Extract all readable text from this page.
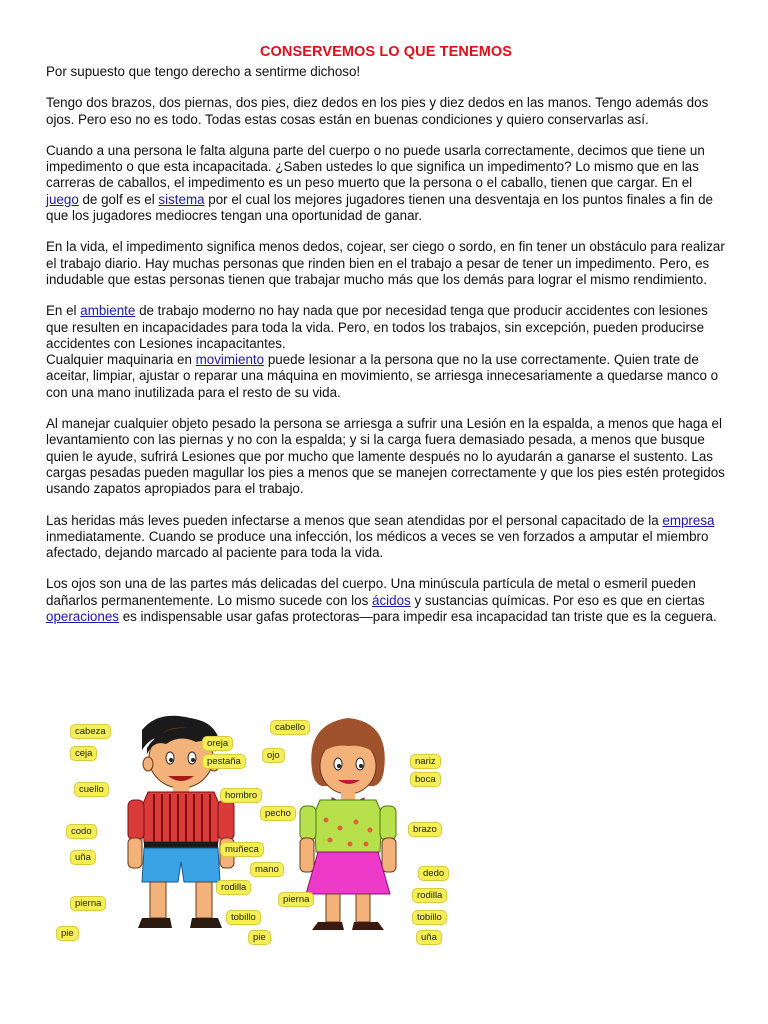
CONSERVEMOS LO QUE TENEMOS

Por supuesto que tengo derecho a sentirme dichoso!

Tengo dos brazos, dos piernas, dos pies, diez dedos en los pies y diez dedos en las manos. Tengo además dos ojos. Pero eso no es todo. Todas estas cosas están en buenas condiciones y quiero conservarlas así.

Cuando a una persona le falta alguna parte del cuerpo o no puede usarla correctamente, decimos que tiene un impedimento o que esta incapacitada. ¿Saben ustedes lo que significa un impedimento? Lo mismo que en las carreras de caballos, el impedimento es un peso muerto que la persona o el caballo, tienen que cargar. En el juego de golf es el sistema por el cual los mejores jugadores tienen una desventaja en los puntos finales a fin de que los jugadores mediocres tengan una oportunidad de ganar.

En la vida, el impedimento significa menos dedos, cojear, ser ciego o sordo, en fin tener un obstáculo para realizar el trabajo diario. Hay muchas personas que rinden bien en el trabajo a pesar de tener un impedimento. Pero, es indudable que estas personas tienen que trabajar mucho más que los demás para lograr el mismo rendimiento.

En el ambiente de trabajo moderno no hay nada que por necesidad tenga que producir accidentes con lesiones que resulten en incapacidades para toda la vida. Pero, en todos los trabajos, sin excepción, pueden producirse accidentes con Lesiones incapacitantes.

Cualquier maquinaria en movimiento puede lesionar a la persona que no la use correctamente. Quien trate de aceitar, limpiar, ajustar o reparar una máquina en movimiento, se arriesga innecesariamente a quedarse manco o con una mano inutilizada para el resto de su vida.

Al manejar cualquier objeto pesado la persona se arriesga a sufrir una Lesión en la espalda, a menos que haga el levantamiento con las piernas y no con la espalda; y si la carga fuera demasiado pesada, a menos que busque quien le ayude, sufrirá Lesiones que por mucho que lamente después no lo ayudarán a ganarse el sustento. Las cargas pesadas pueden magullar los pies a menos que se manejen correctamente y que los pies estén protegidos usando zapatos apropiados para el trabajo.

Las heridas más leves pueden infectarse a menos que sean atendidas por el personal capacitado de la empresa inmediatamente. Cuando se produce una infección, los médicos a veces se ven forzados a amputar el miembro afectado, dejando marcado al paciente para toda la vida.

Los ojos son una de las partes más delicadas del cuerpo. Una minúscula partícula de metal o esmeril pueden dañarlos permanentemente. Lo mismo sucede con los ácidos y sustancias químicas. Por eso es que en ciertas operaciones es indispensable usar gafas protectoras—para impedir esa incapacidad tan triste que es la ceguera.

cabeza
ceja
oreja
pestaña
cuello
hombro
pecho
codo
uña
muñeca
mano
rodilla
pierna
tobillo
pie	pie
cabello
ojo
nariz
boca
brazo
dedo
rodilla
pierna
tobillo
uña
